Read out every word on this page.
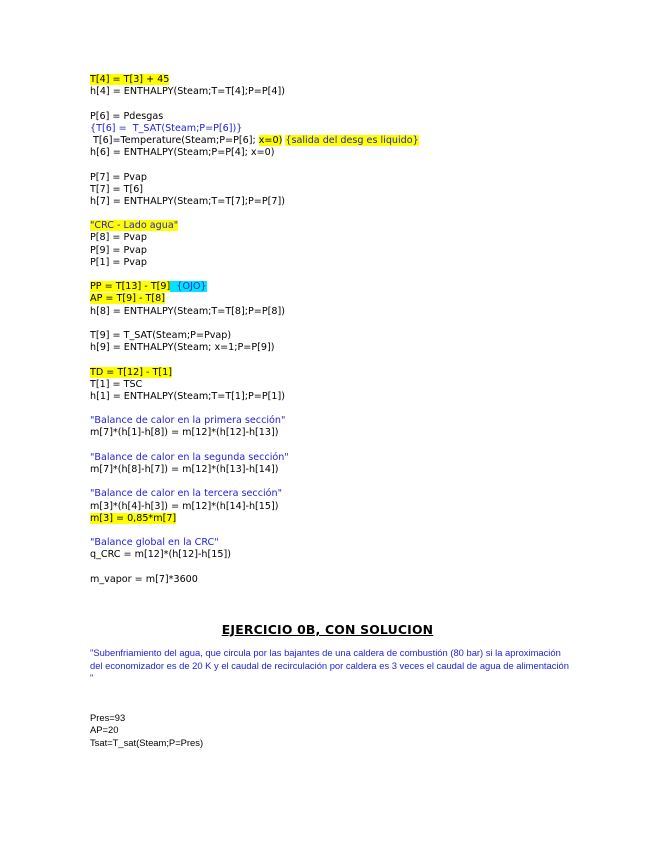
T[4] = T[3] + 45
h[4] = ENTHALPY(Steam;T=T[4];P=P[4])
P[6] = Pdesgas
{T[6] =  T_SAT(Steam;P=P[6])}
T[6]=Temperature(Steam;P=P[6]; x=0) {salida del desg es liquido}
h[6] = ENTHALPY(Steam;P=P[4]; x=0)
P[7] = Pvap
T[7] = T[6]
h[7] = ENTHALPY(Steam;T=T[7];P=P[7])
"CRC - Lado agua"
P[8] = Pvap
P[9] = Pvap
P[1] = Pvap
PP = T[13] - T[9]  {OJO}
AP = T[9] - T[8]
h[8] = ENTHALPY(Steam;T=T[8];P=P[8])
T[9] = T_SAT(Steam;P=Pvap)
h[9] = ENTHALPY(Steam; x=1;P=P[9])
TD = T[12] - T[1]
T[1] = TSC
h[1] = ENTHALPY(Steam;T=T[1];P=P[1])
"Balance de calor en la primera sección"
m[7]*(h[1]-h[8]) = m[12]*(h[12]-h[13])
"Balance de calor en la segunda sección"
m[7]*(h[8]-h[7]) = m[12]*(h[13]-h[14])
"Balance de calor en la tercera sección"
m[3]*(h[4]-h[3]) = m[12]*(h[14]-h[15])
m[3] = 0,85*m[7]
"Balance global en la CRC"
q_CRC = m[12]*(h[12]-h[15])
m_vapor = m[7]*3600
EJERCICIO 0B, CON SOLUCION
"Subenfriamiento del agua, que circula por las bajantes de una caldera de combustión (80 bar) si la aproximación del economizador es de 20 K y el caudal de recirculación por caldera es 3 veces el caudal de agua de alimentación "
Pres=93
AP=20
Tsat=T_sat(Steam;P=Pres)
